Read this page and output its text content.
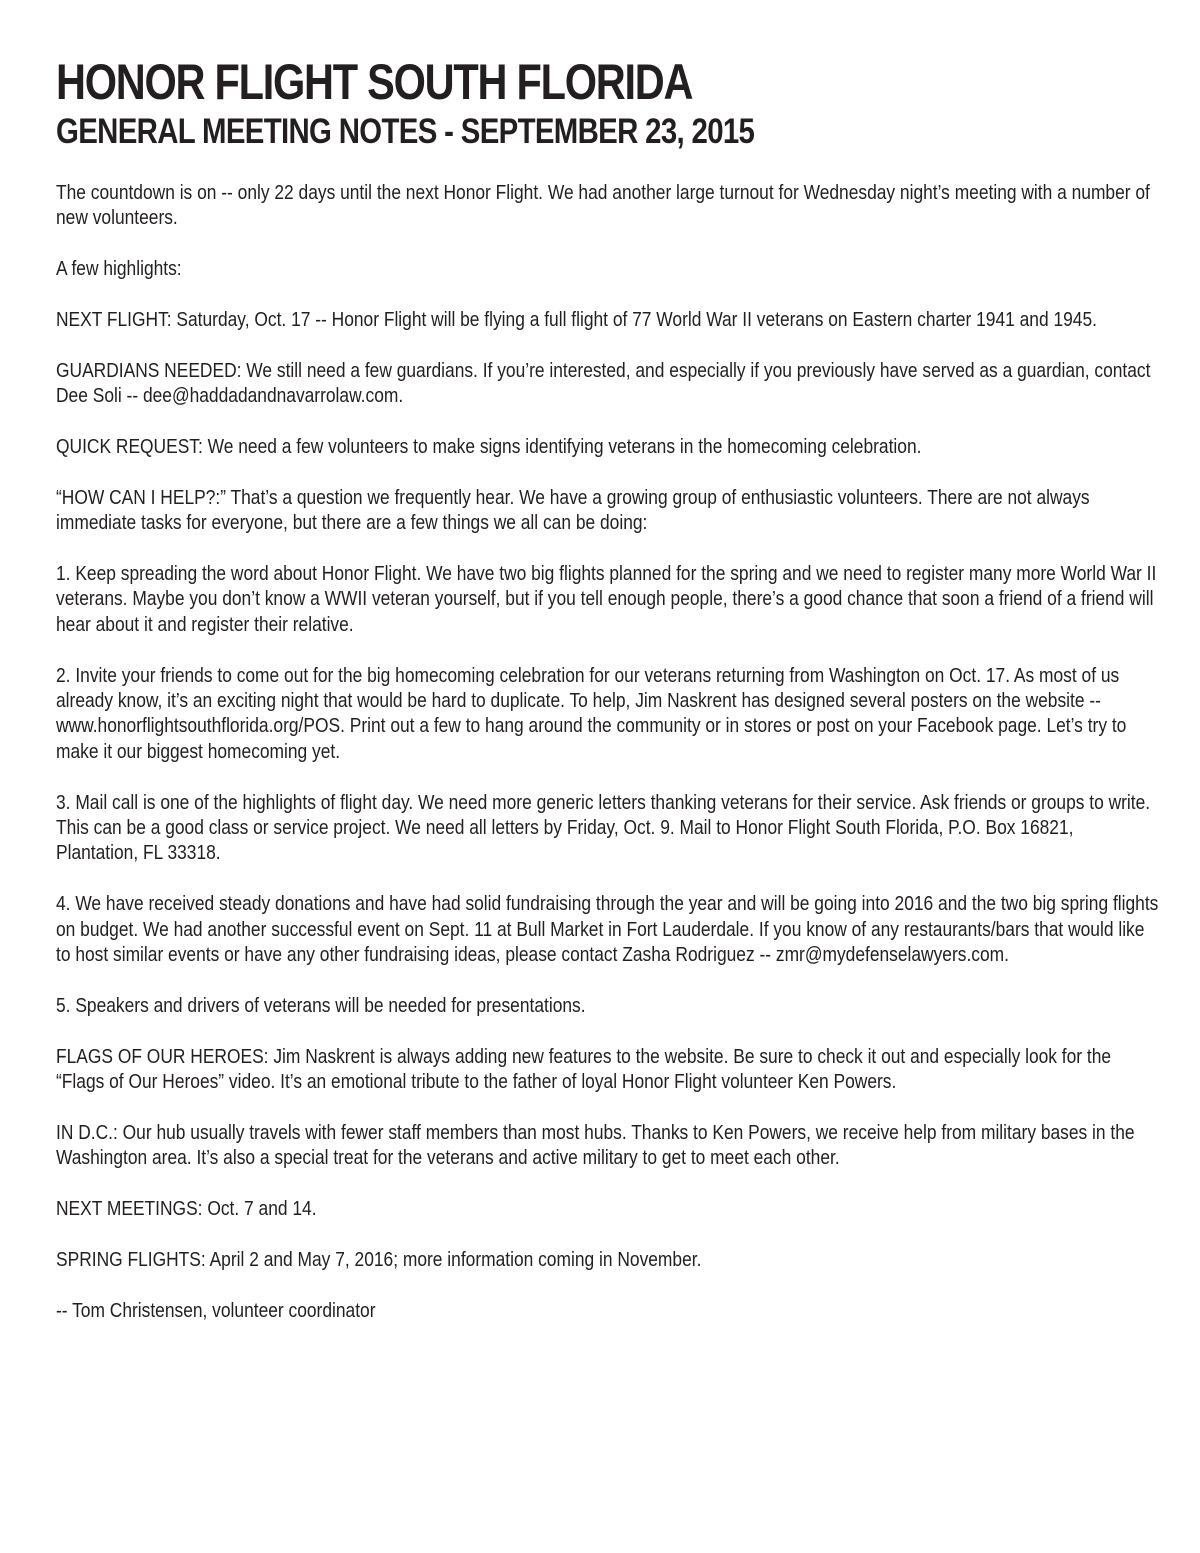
HONOR FLIGHT SOUTH FLORIDA
GENERAL MEETING NOTES - SEPTEMBER 23, 2015

The countdown is on -- only 22 days until the next Honor Flight. We had another large turnout for Wednesday night’s meeting with a number of new volunteers.

A few highlights:

NEXT FLIGHT: Saturday, Oct. 17 -- Honor Flight will be flying a full flight of 77 World War II veterans on Eastern charter 1941 and 1945.

GUARDIANS NEEDED: We still need a few guardians. If you’re interested, and especially if you previously have served as a guardian, contact Dee Soli -- dee@haddadandnavarrolaw.com.

QUICK REQUEST: We need a few volunteers to make signs identifying veterans in the homecoming celebration.

“HOW CAN I HELP?:” That’s a question we frequently hear. We have a growing group of enthusiastic volunteers. There are not always immediate tasks for everyone, but there are a few things we all can be doing:

1. Keep spreading the word about Honor Flight. We have two big flights planned for the spring and we need to register many more World War II veterans. Maybe you don’t know a WWII veteran yourself, but if you tell enough people, there’s a good chance that soon a friend of a friend will hear about it and register their relative.

2. Invite your friends to come out for the big homecoming celebration for our veterans returning from Washington on Oct. 17. As most of us already know, it’s an exciting night that would be hard to duplicate. To help, Jim Naskrent has designed several posters on the website -- www.honorflightsouthflorida.org/POS. Print out a few to hang around the community or in stores or post on your Facebook page. Let’s try to make it our biggest homecoming yet.

3. Mail call is one of the highlights of flight day. We need more generic letters thanking veterans for their service. Ask friends or groups to write. This can be a good class or service project. We need all letters by Friday, Oct. 9. Mail to Honor Flight South Florida, P.O. Box 16821, Plantation, FL 33318.

4. We have received steady donations and have had solid fundraising through the year and will be going into 2016 and the two big spring flights on budget. We had another successful event on Sept. 11 at Bull Market in Fort Lauderdale. If you know of any restaurants/bars that would like to host similar events or have any other fundraising ideas, please contact Zasha Rodriguez -- zmr@mydefenselawyers.com.

5. Speakers and drivers of veterans will be needed for presentations.

FLAGS OF OUR HEROES: Jim Naskrent is always adding new features to the website. Be sure to check it out and especially look for the “Flags of Our Heroes” video. It’s an emotional tribute to the father of loyal Honor Flight volunteer Ken Powers.

IN D.C.: Our hub usually travels with fewer staff members than most hubs. Thanks to Ken Powers, we receive help from military bases in the Washington area. It’s also a special treat for the veterans and active military to get to meet each other.

NEXT MEETINGS: Oct. 7 and 14.

SPRING FLIGHTS: April 2 and May 7, 2016; more information coming in November.

-- Tom Christensen, volunteer coordinator
